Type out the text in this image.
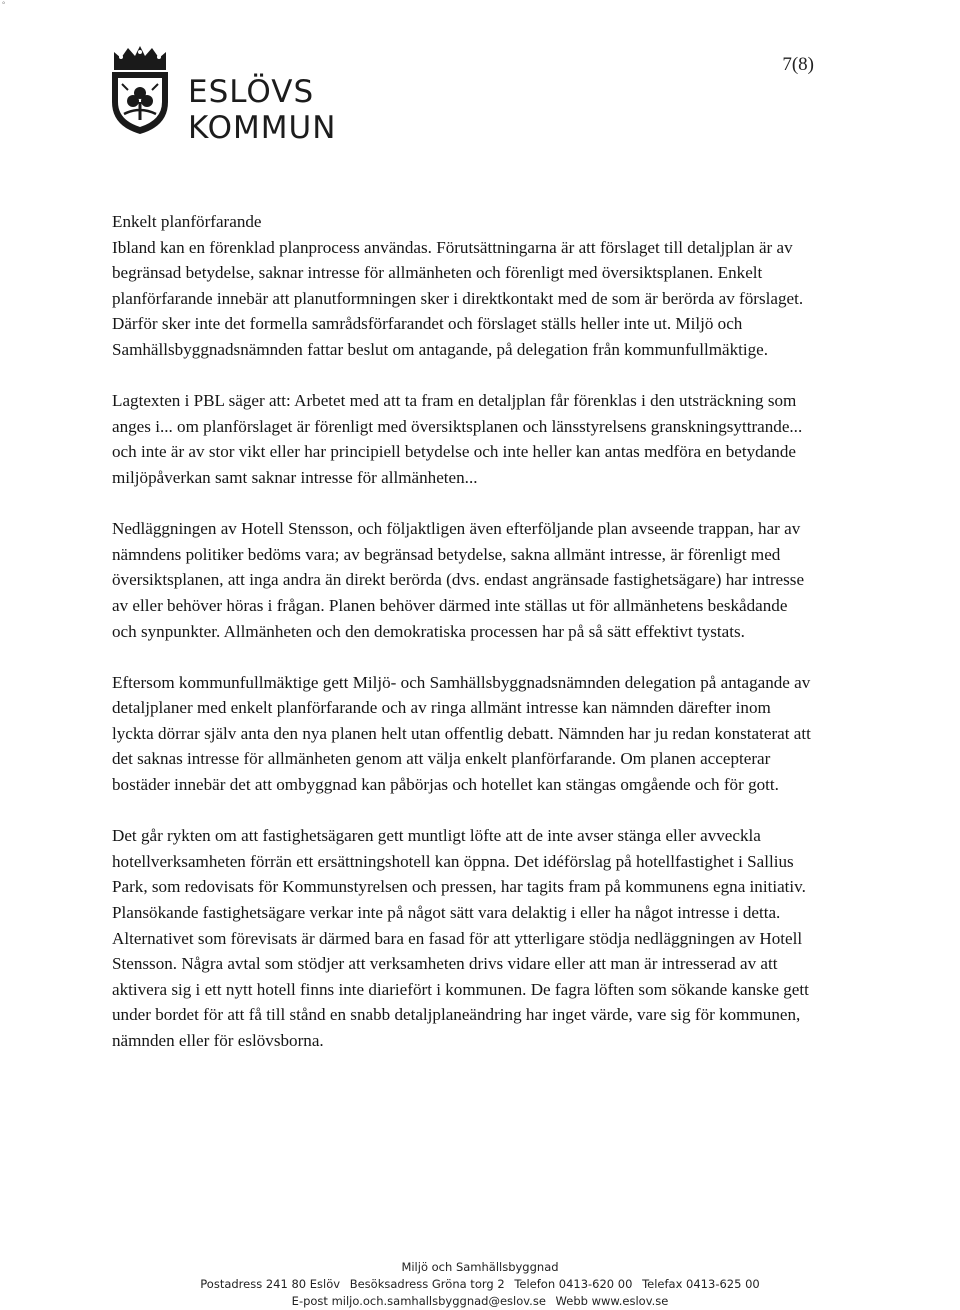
°
ESLÖVS
KOMMUN
7(8)

Enkelt planförfarande

Ibland kan en förenklad planprocess användas. Förutsättningarna är att förslaget till detaljplan är av begränsad betydelse, saknar intresse för allmänheten och förenligt med översiktsplanen. Enkelt planförfarande innebär att planutformningen sker i direktkontakt med de som är berörda av förslaget. Därför sker inte det formella samrådsförfarandet och förslaget ställs heller inte ut. Miljö och Samhällsbyggnadsnämnden fattar beslut om antagande, på delegation från kommunfullmäktige.

Lagtexten i PBL säger att: Arbetet med att ta fram en detaljplan får förenklas i den utsträckning som anges i... om planförslaget är förenligt med översiktsplanen och länsstyrelsens granskningsyttrande... och inte är av stor vikt eller har principiell betydelse och inte heller kan antas medföra en betydande miljöpåverkan samt saknar intresse för allmänheten...

Nedläggningen av Hotell Stensson, och följaktligen även efterföljande plan avseende trappan, har av nämndens politiker bedöms vara; av begränsad betydelse, sakna allmänt intresse, är förenligt med översiktsplanen, att inga andra än direkt berörda (dvs. endast angränsade fastighetsägare) har intresse av eller behöver höras i frågan. Planen behöver därmed inte ställas ut för allmänhetens beskådande och synpunkter. Allmänheten och den demokratiska processen har på så sätt effektivt tystats.

Eftersom kommunfullmäktige gett Miljö- och Samhällsbyggnadsnämnden delegation på antagande av detaljplaner med enkelt planförfarande och av ringa allmänt intresse kan nämnden därefter inom lyckta dörrar själv anta den nya planen helt utan offentlig debatt. Nämnden har ju redan konstaterat att det saknas intresse för allmänheten genom att välja enkelt planförfarande. Om planen accepterar bostäder innebär det att ombyggnad kan påbörjas och hotellet kan stängas omgående och för gott.

Det går rykten om att fastighetsägaren gett muntligt löfte att de inte avser stänga eller avveckla hotellverksamheten förrän ett ersättningshotell kan öppna. Det idéförslag på hotellfastighet i Sallius Park, som redovisats för Kommunstyrelsen och pressen, har tagits fram på kommunens egna initiativ. Plansökande fastighetsägare verkar inte på något sätt vara delaktig i eller ha något intresse i detta. Alternativet som förevisats är därmed bara en fasad för att ytterligare stödja nedläggningen av Hotell Stensson. Några avtal som stödjer att verksamheten drivs vidare eller att man är intresserad av att aktivera sig i ett nytt hotell finns inte diariefört i kommunen. De fagra löften som sökande kanske gett under bordet för att få till stånd en snabb detaljplaneändring har inget värde, vare sig för kommunen, nämnden eller för eslövsborna.

Miljö och Samhällsbyggnad
Postadress 241 80 Eslöv Besöksadress Gröna torg 2 Telefon 0413-620 00 Telefax 0413-625 00
E-post miljo.och.samhallsbyggnad@eslov.se Webb www.eslov.se
